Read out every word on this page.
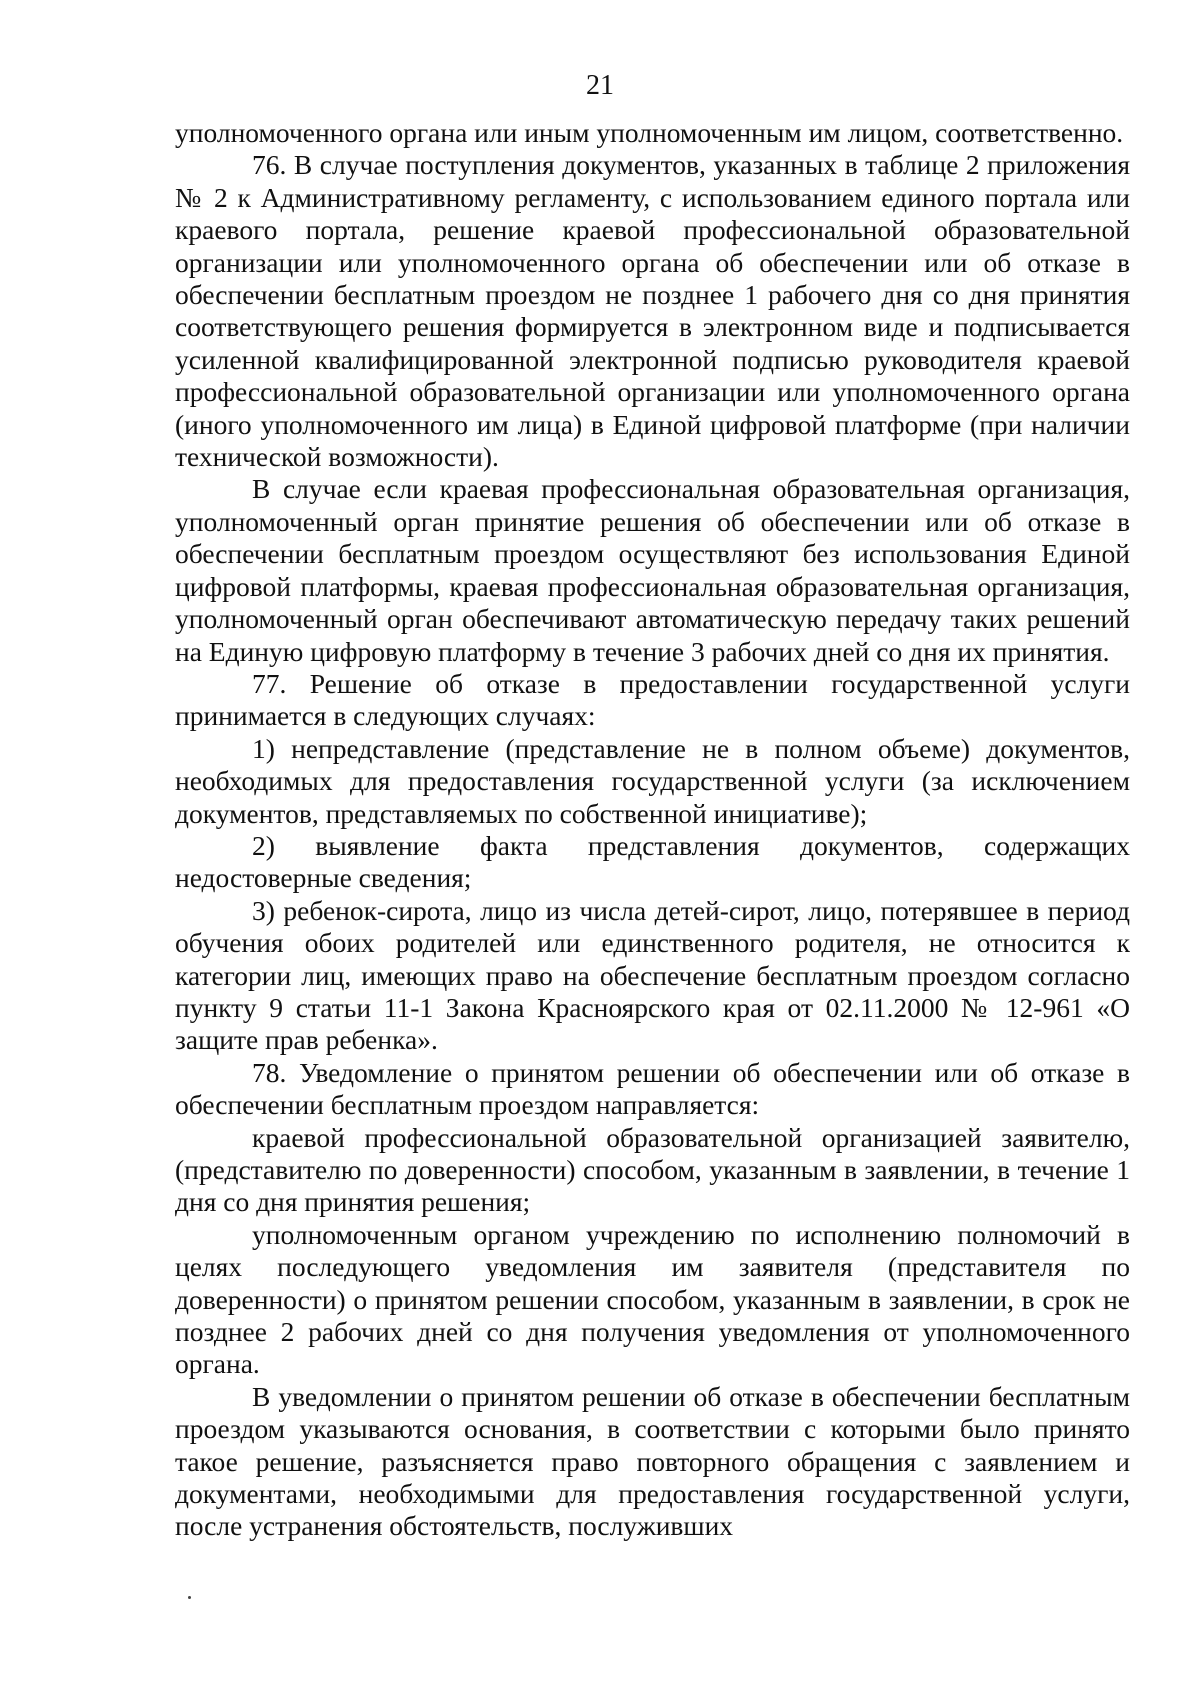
21

уполномоченного органа или иным уполномоченным им лицом, соответственно.

76. В случае поступления документов, указанных в таблице 2 приложения № 2 к Административному регламенту, с использованием единого портала или краевого портала, решение краевой профессиональной образовательной организации или уполномоченного органа об обеспечении или об отказе в обеспечении бесплатным проездом не позднее 1 рабочего дня со дня принятия соответствующего решения формируется в электронном виде и подписывается усиленной квалифицированной электронной подписью руководителя краевой профессиональной образовательной организации или уполномоченного органа (иного уполномоченного им лица) в Единой цифровой платформе (при наличии технической возможности).

В случае если краевая профессиональная образовательная организация, уполномоченный орган принятие решения об обеспечении или об отказе в обеспечении бесплатным проездом осуществляют без использования Единой цифровой платформы, краевая профессиональная образовательная организация, уполномоченный орган обеспечивают автоматическую передачу таких решений на Единую цифровую платформу в течение 3 рабочих дней со дня их принятия.

77. Решение об отказе в предоставлении государственной услуги принимается в следующих случаях:

1) непредставление (представление не в полном объеме) документов, необходимых для предоставления государственной услуги (за исключением документов, представляемых по собственной инициативе);

2) выявление факта представления документов, содержащих недостоверные сведения;

3) ребенок-сирота, лицо из числа детей-сирот, лицо, потерявшее в период обучения обоих родителей или единственного родителя, не относится к категории лиц, имеющих право на обеспечение бесплатным проездом согласно пункту 9 статьи 11-1 Закона Красноярского края от 02.11.2000 № 12-961 «О защите прав ребенка».

78. Уведомление о принятом решении об обеспечении или об отказе в обеспечении бесплатным проездом направляется:

краевой профессиональной образовательной организацией заявителю, (представителю по доверенности) способом, указанным в заявлении, в течение 1 дня со дня принятия решения;

уполномоченным органом учреждению по исполнению полномочий в целях последующего уведомления им заявителя (представителя по доверенности) о принятом решении способом, указанным в заявлении, в срок не позднее 2 рабочих дней со дня получения уведомления от уполномоченного органа.

В уведомлении о принятом решении об отказе в обеспечении бесплатным проездом указываются основания, в соответствии с которыми было принято такое решение, разъясняется право повторного обращения с заявлением и документами, необходимыми для предоставления государственной услуги, после устранения обстоятельств, послуживших
